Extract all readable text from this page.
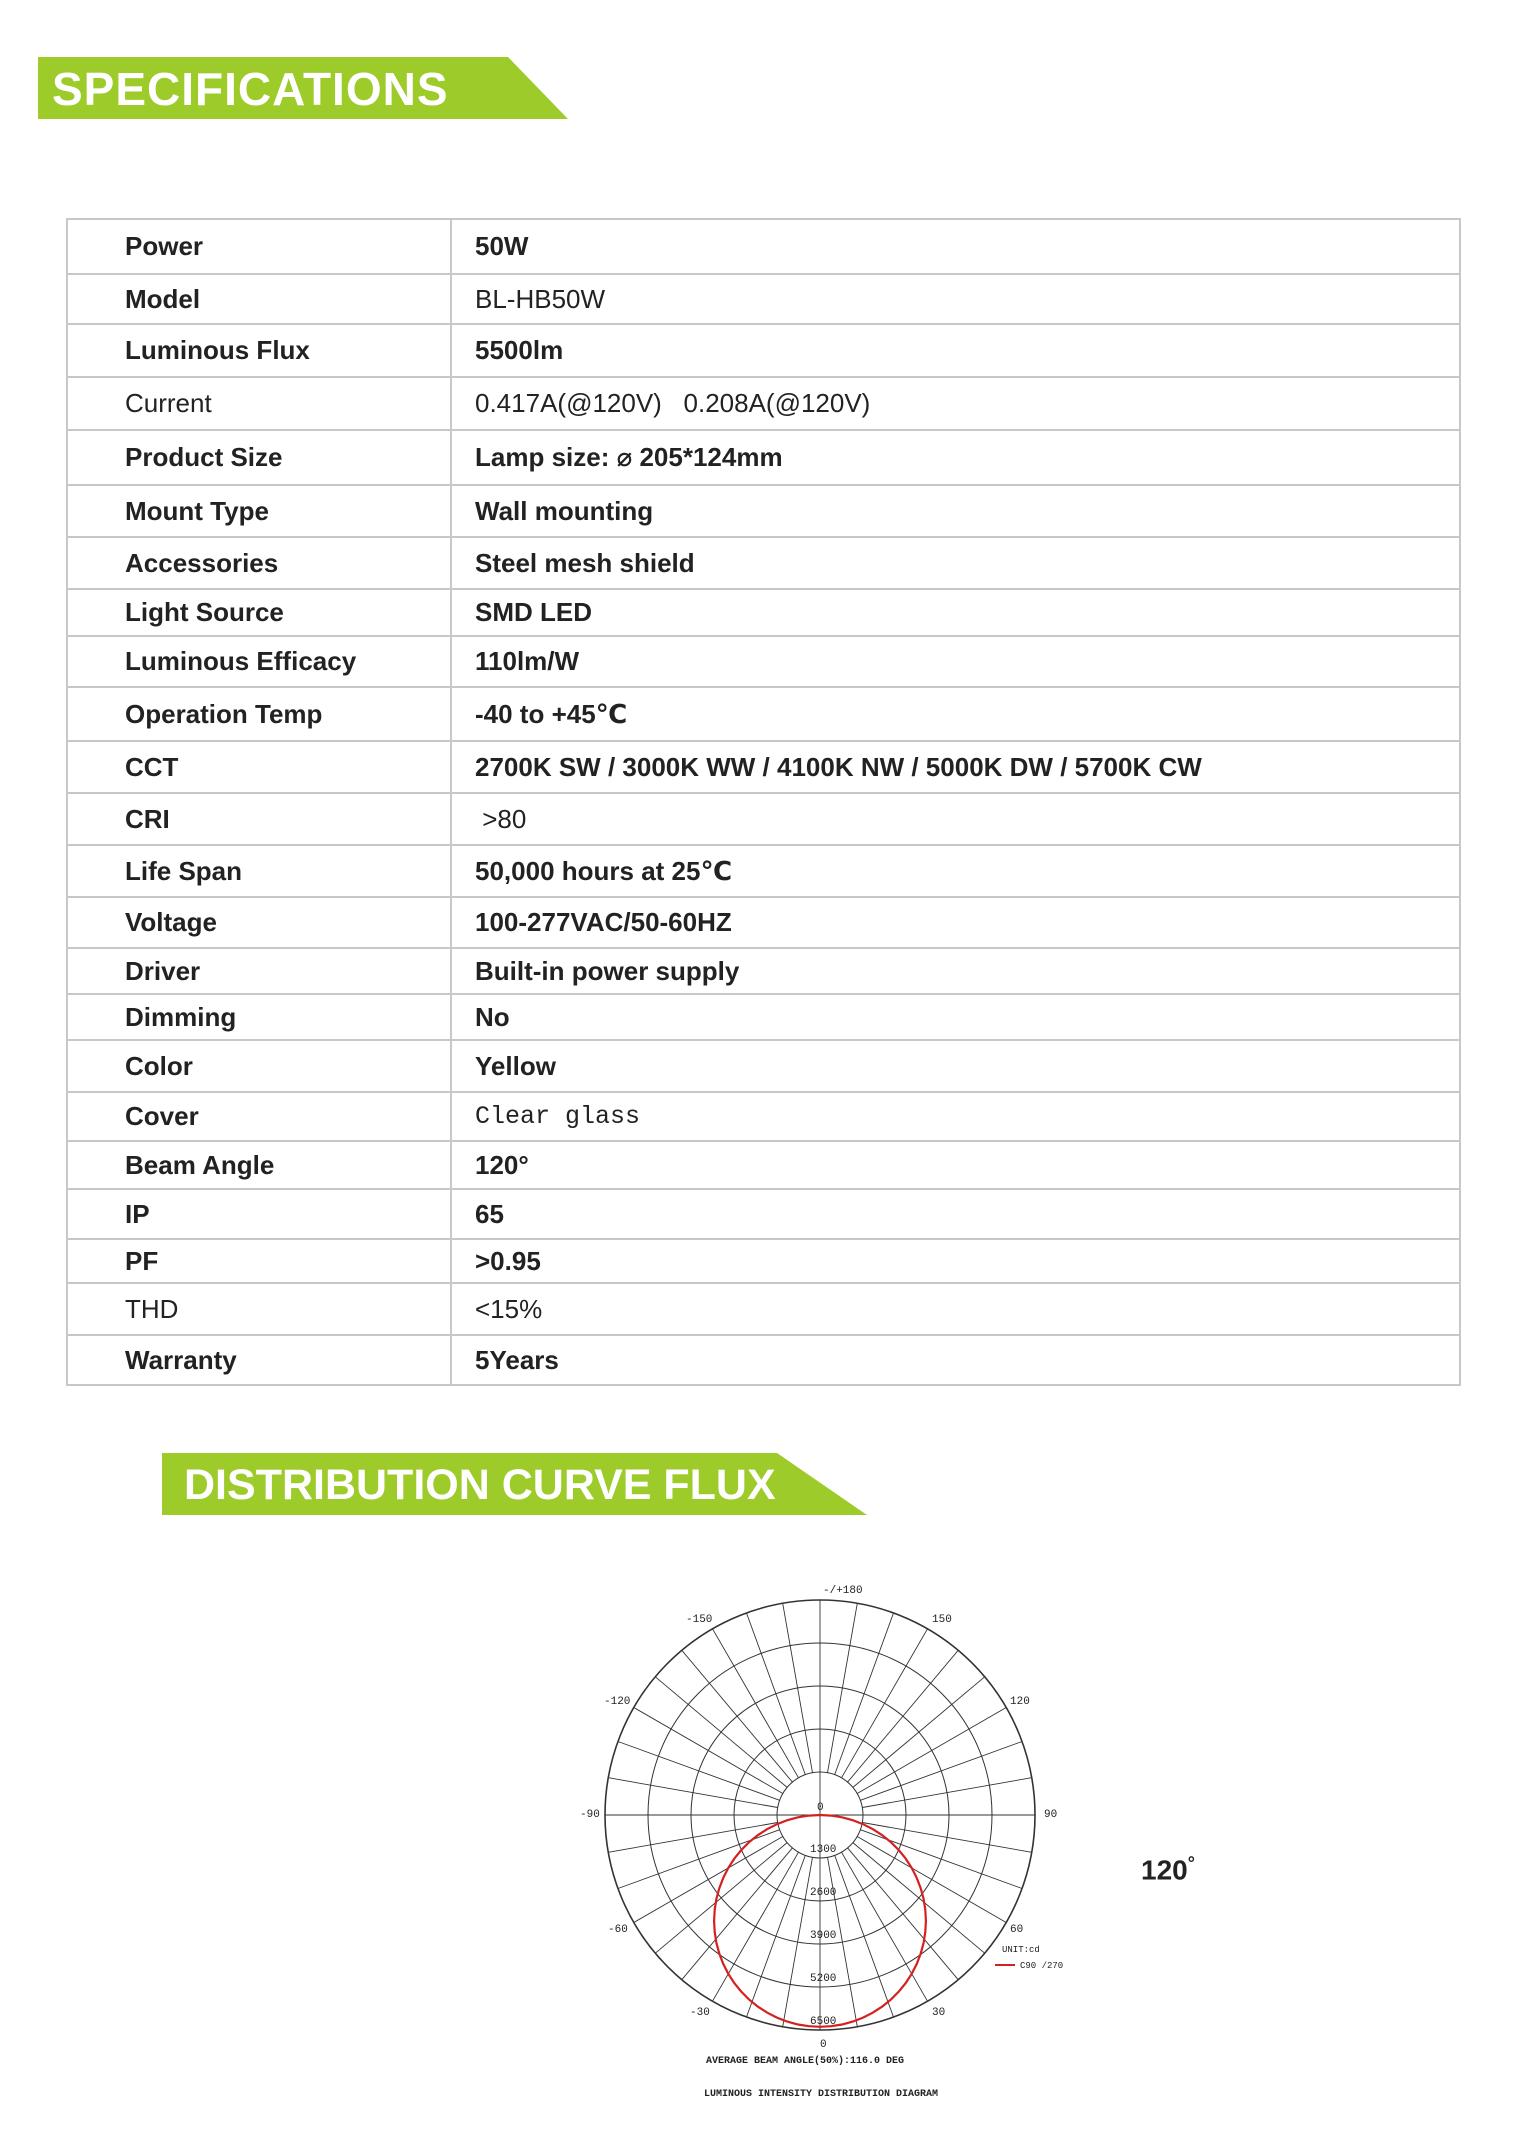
SPECIFICATIONS
Power	50W
Model	BL-HB50W
Luminous Flux	5500lm
Current	0.417A(@120V)   0.208A(@120V)
Product Size	Lamp size: ⌀ 205*124mm
Mount Type	Wall mounting
Accessories	Steel mesh shield
Light Source	SMD LED
Luminous Efficacy	110lm/W
Operation Temp	-40 to +45℃
CCT	2700K SW / 3000K WW / 4100K NW / 5000K DW / 5700K CW
CRI	>80
Life Span	50,000 hours at 25℃
Voltage	100-277VAC/50-60HZ
Driver	Built-in power supply
Dimming	No
Color	Yellow
Cover	Clear glass
Beam Angle	120°
IP	65
PF	>0.95
THD	<15%
Warranty	5Years
DISTRIBUTION CURVE FLUX
-/+180
-150	150
-120	120
-90	90
-60	60
-30	30
0
0
1300
2600
3900
5200
6500
UNIT:cd
C90 /270
AVERAGE BEAM ANGLE(50%):116.0 DEG
LUMINOUS INTENSITY DISTRIBUTION DIAGRAM
120°
